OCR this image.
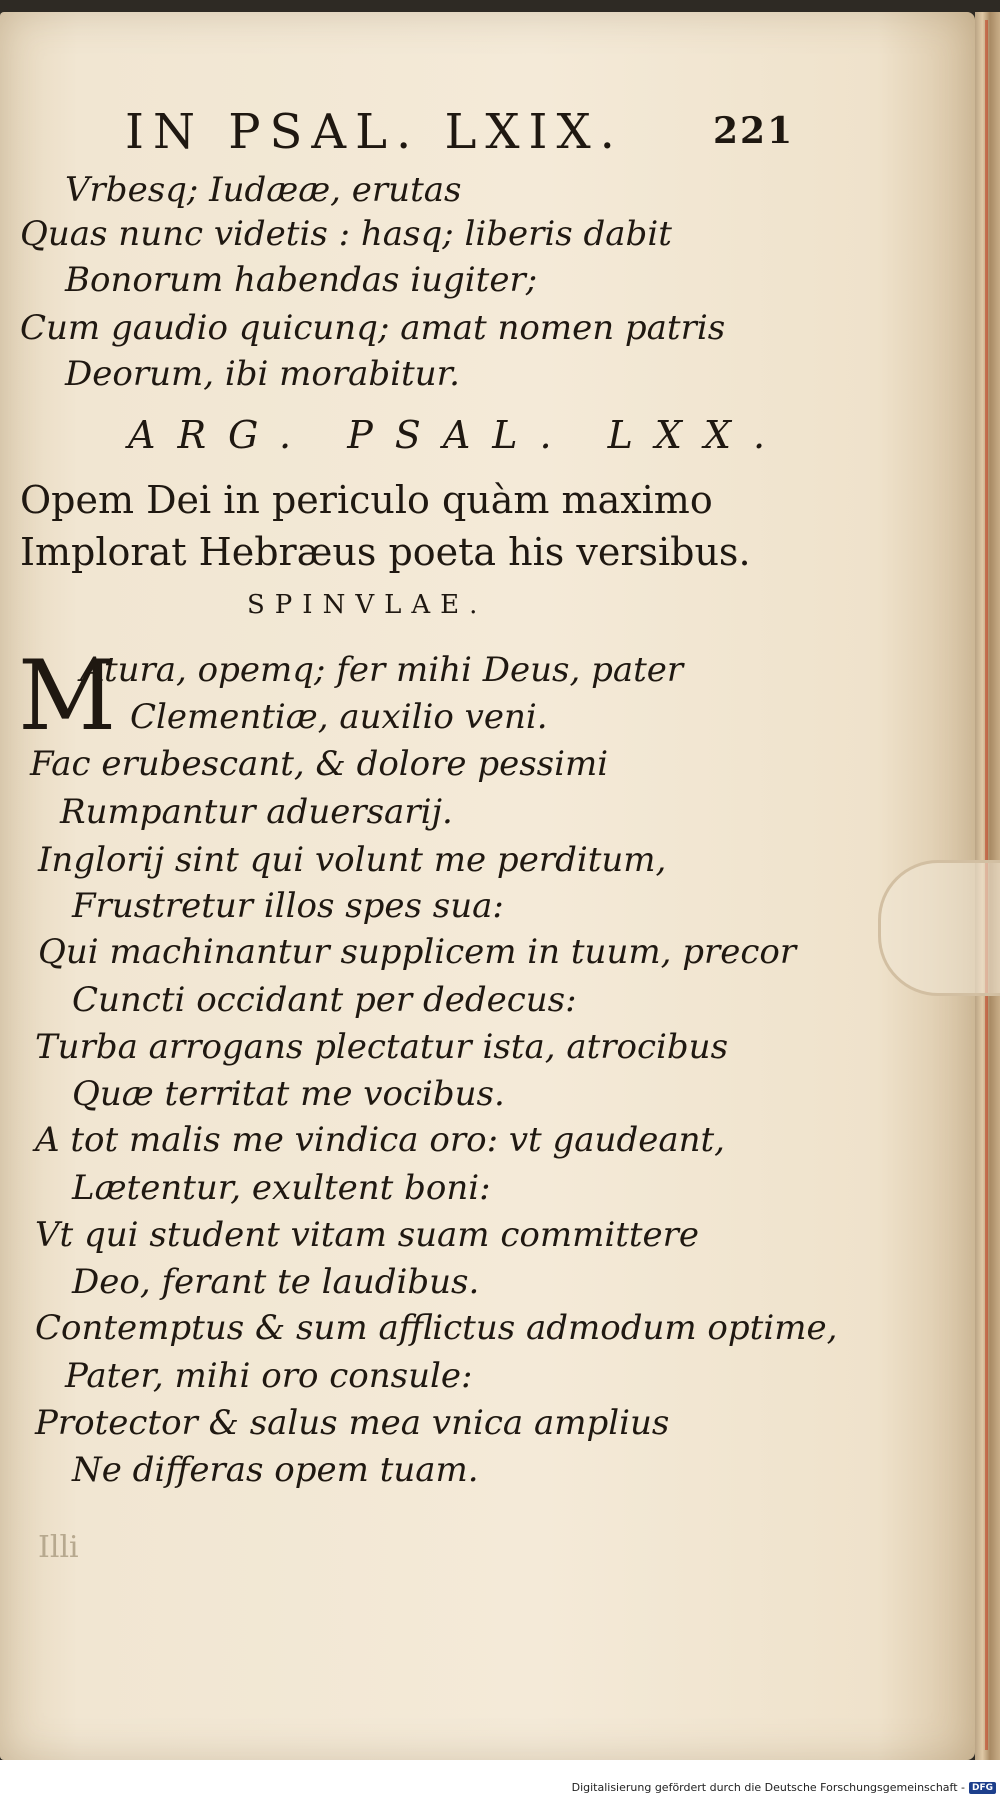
IN PSAL. LXIX. 221
Vrbesq; Iudææ, erutas
Quas nunc videtis : hasq; liberis dabit
Bonorum habendas iugiter;
Cum gaudio quicunq; amat nomen patris
Deorum, ibi morabitur.
ARG. PSAL. LXX.
Opem Dei in periculo quàm maximo
Implorat Hebræus poeta his versibus.
SPINVLAE.
M
Atura, opemq; fer mihi Deus, pater
Clementiæ, auxilio veni.
Fac erubescant, & dolore pessimi
Rumpantur aduersarij.
Inglorij sint qui volunt me perditum,
Frustretur illos spes sua:
Qui machinantur supplicem in tuum, precor
Cuncti occidant per dedecus:
Turba arrogans plectatur ista, atrocibus
Quæ territat me vocibus.
A tot malis me vindica oro: vt gaudeant,
Lætentur, exultent boni:
Vt qui student vitam suam committere
Deo, ferant te laudibus.
Contemptus & sum afflictus admodum optime,
Pater, mihi oro consule:
Protector & salus mea vnica amplius
Ne differas opem tuam.
Illi
Digitalisierung gefördert durch die Deutsche Forschungsgemeinschaft - DFG
